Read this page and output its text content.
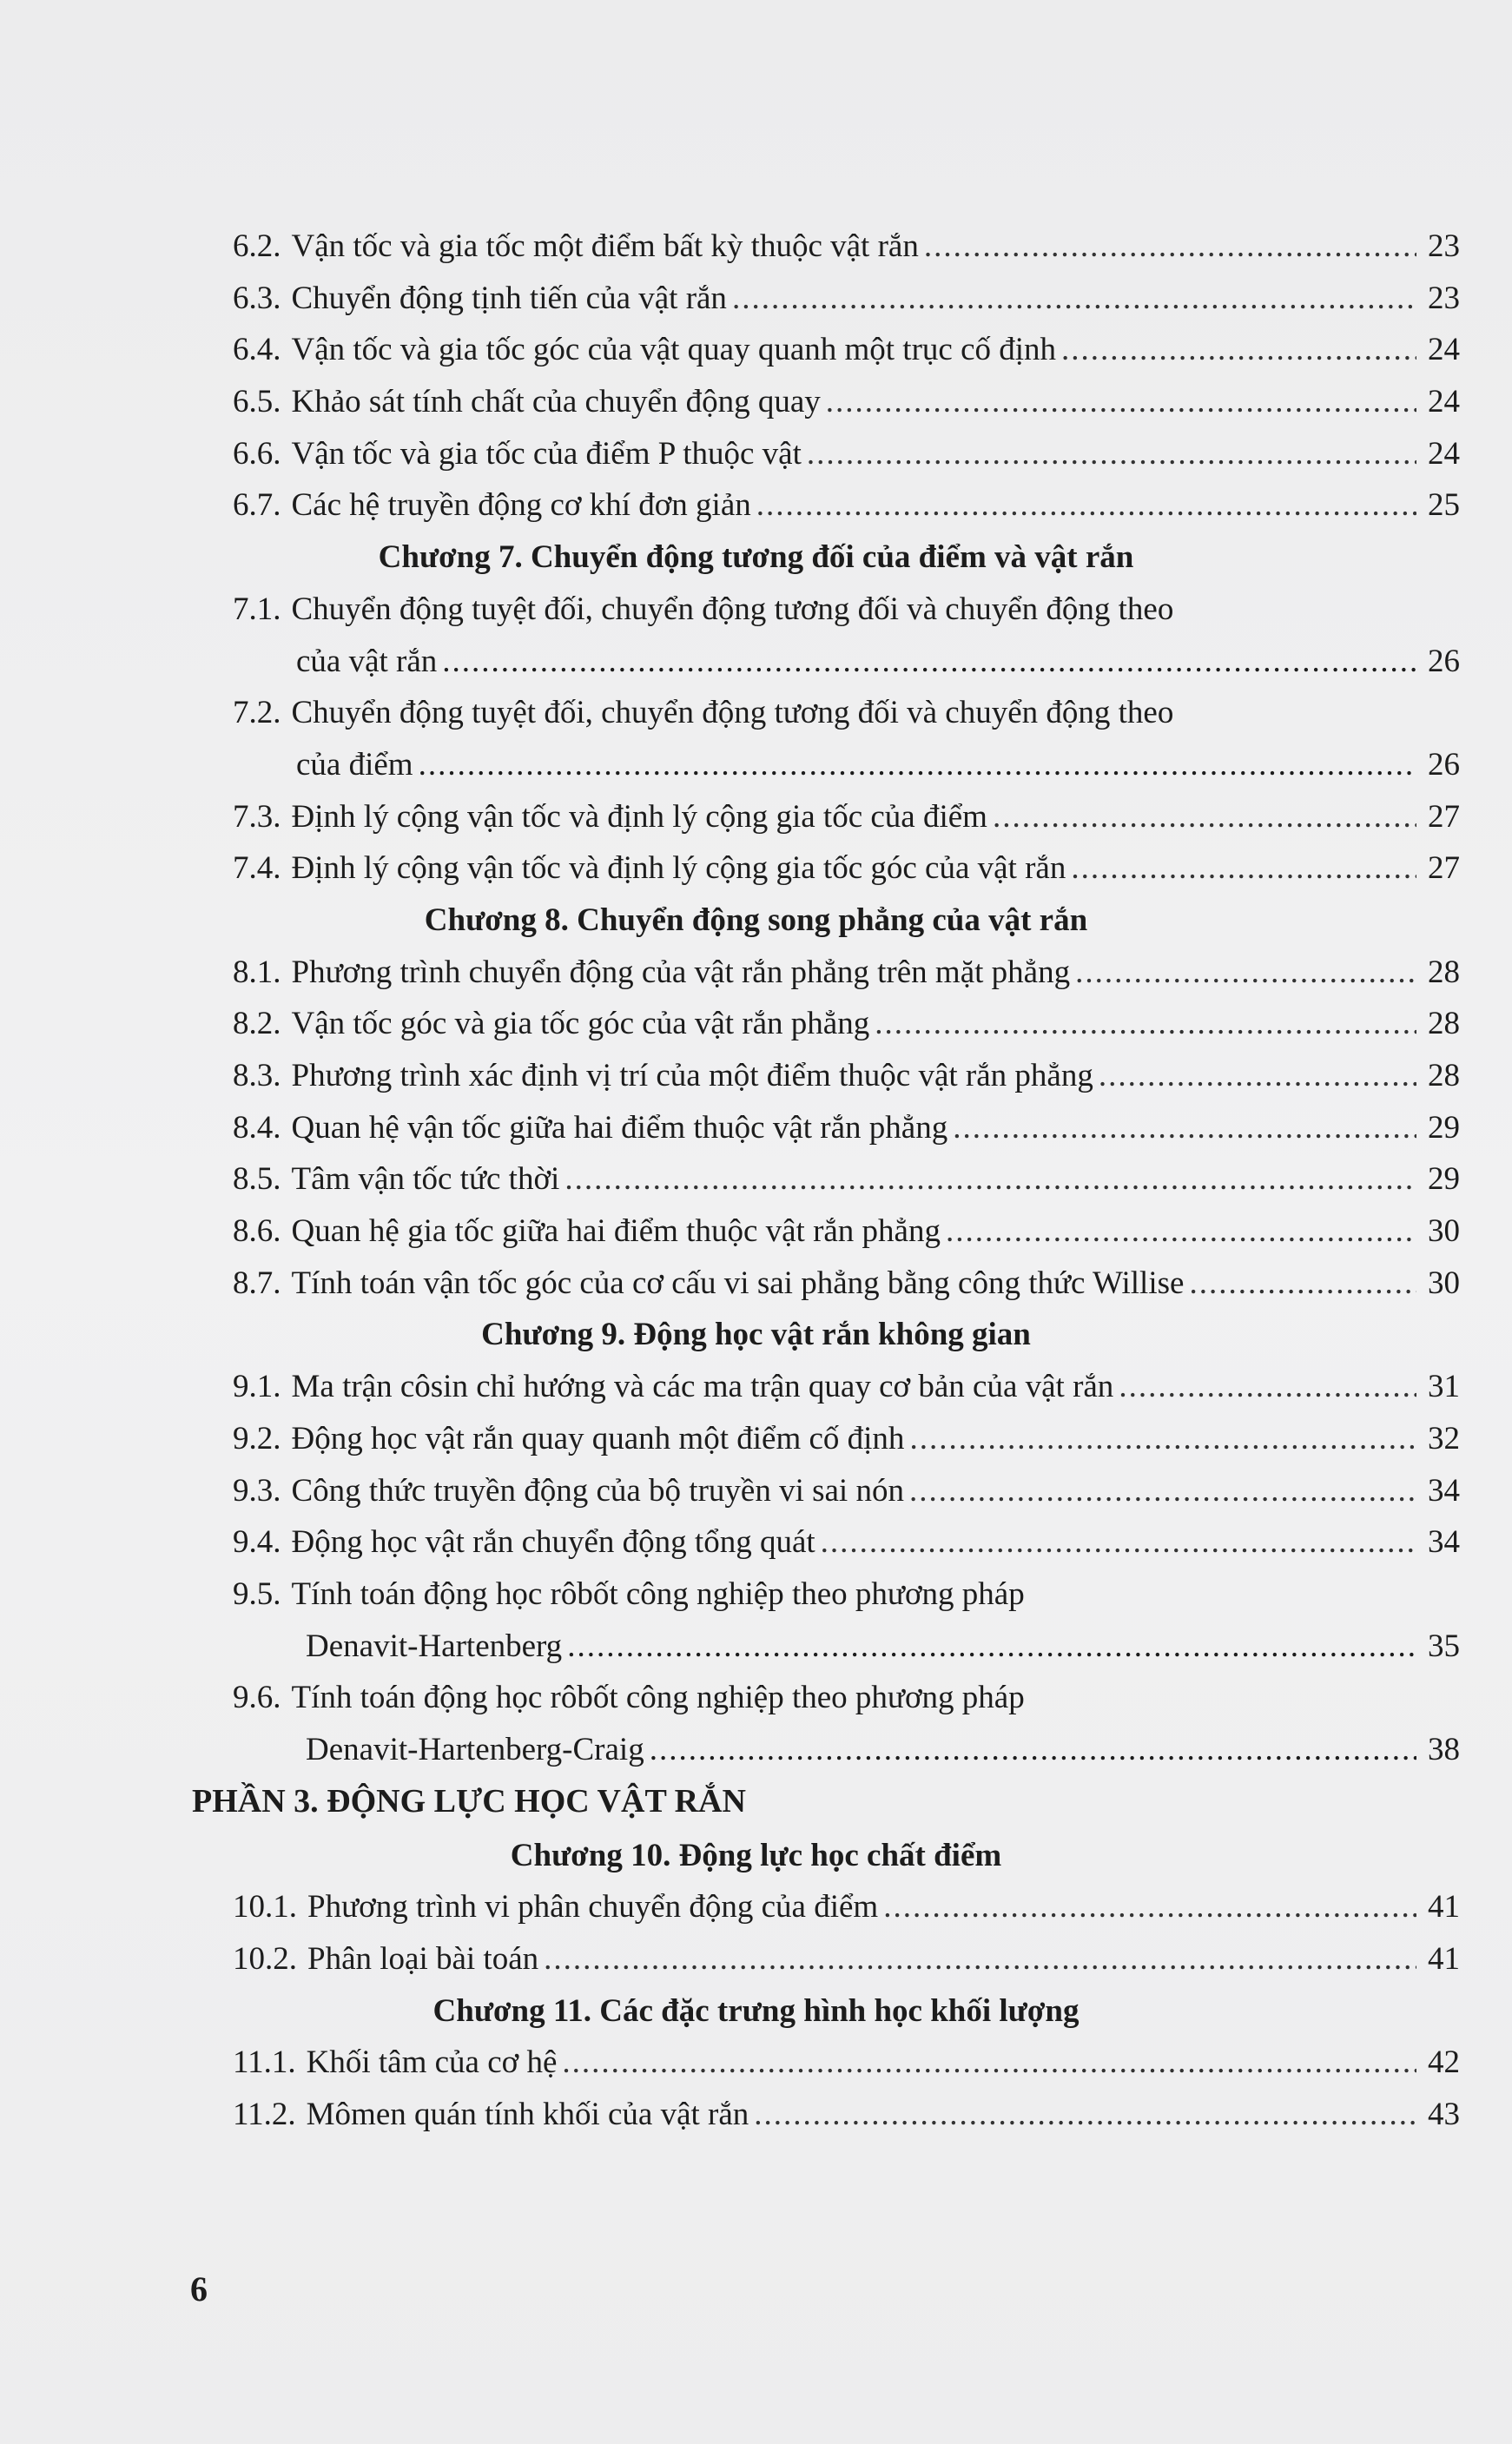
6.2. Vận tốc và gia tốc một điểm bất kỳ thuộc vật rắn .....	23
6.3. Chuyển động tịnh tiến của vật rắn .....	23
6.4. Vận tốc và gia tốc góc của vật quay quanh một trục cố định .....	24
6.5. Khảo sát tính chất của chuyển động quay .....	24
6.6. Vận tốc và gia tốc của điểm P thuộc vật .....	24
6.7. Các hệ truyền động cơ khí đơn giản .....	25
Chương 7. Chuyển động tương đối của điểm và vật rắn
7.1. Chuyển động tuyệt đối, chuyển động tương đối và chuyển động theo
của vật rắn .....	26
7.2. Chuyển động tuyệt đối, chuyển động tương đối và chuyển động theo
của điểm .....	26
7.3. Định lý cộng vận tốc và định lý cộng gia tốc của điểm .....	27
7.4. Định lý cộng vận tốc và định lý cộng gia tốc góc của vật rắn .....	27
Chương 8. Chuyển động song phẳng của vật rắn
8.1. Phương trình chuyển động của vật rắn phẳng trên mặt phẳng .....	28
8.2. Vận tốc góc và gia tốc góc của vật rắn phẳng .....	28
8.3. Phương trình xác định vị trí của một điểm thuộc vật rắn phẳng .....	28
8.4. Quan hệ vận tốc giữa hai điểm thuộc vật rắn phẳng .....	29
8.5. Tâm vận tốc tức thời .....	29
8.6. Quan hệ gia tốc giữa hai điểm thuộc vật rắn phẳng .....	30
8.7. Tính toán vận tốc góc của cơ cấu vi sai phẳng bằng công thức Willise .....	30
Chương 9. Động học vật rắn không gian
9.1. Ma trận côsin chỉ hướng và các ma trận quay cơ bản của vật rắn .....	31
9.2. Động học vật rắn quay quanh một điểm cố định .....	32
9.3. Công thức truyền động của bộ truyền vi sai nón .....	34
9.4. Động học vật rắn chuyển động tổng quát .....	34
9.5. Tính toán động học rôbốt công nghiệp theo phương pháp
Denavit-Hartenberg .....	35
9.6. Tính toán động học rôbốt công nghiệp theo phương pháp
Denavit-Hartenberg-Craig .....	38
PHẦN 3. ĐỘNG LỰC HỌC VẬT RẮN
Chương 10. Động lực học chất điểm
10.1. Phương trình vi phân chuyển động của điểm .....	41
10.2. Phân loại bài toán .....	41
Chương 11. Các đặc trưng hình học khối lượng
11.1. Khối tâm của cơ hệ .....	42
11.2. Mômen quán tính khối của vật rắn .....	43
6
